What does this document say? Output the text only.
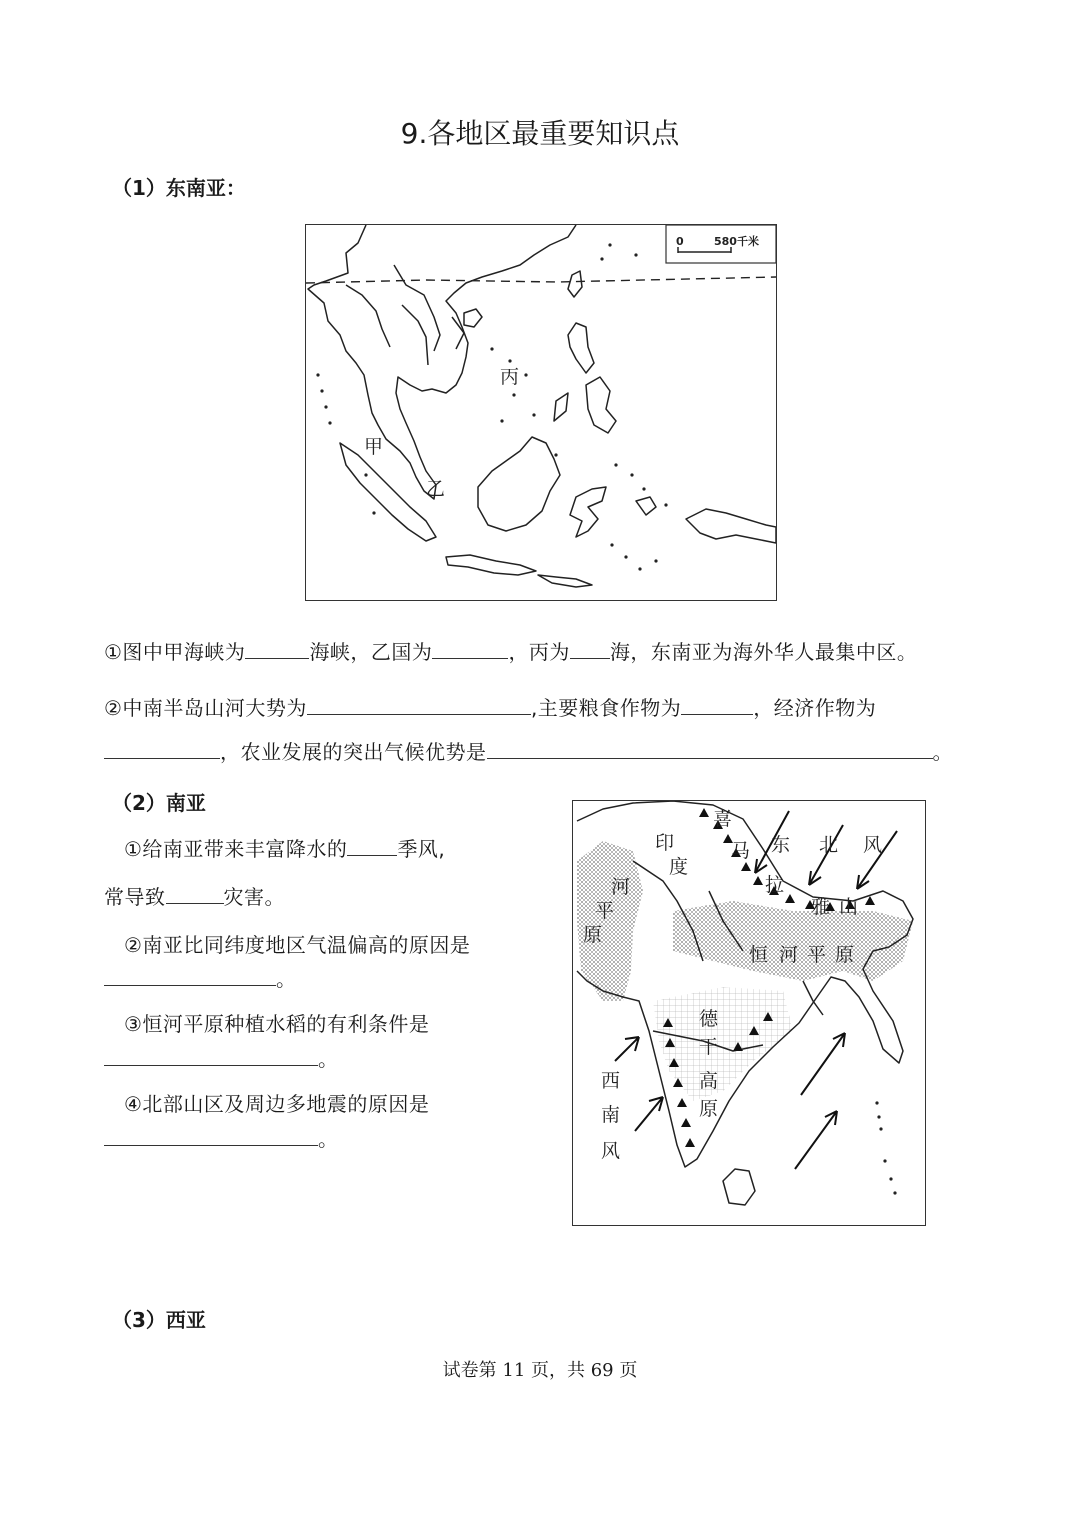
9.各地区最重要知识点
（1）东南亚：
0	580千米
丙
甲
乙
①图中甲海峡为	海峡，乙国为	，丙为 海，东南亚为海外华人最集中区。
②中南半岛山河大势为	,主要粮食作物为	，经济作物为
，农业发展的突出气候优势是	。
（2）南亚
①给南亚带来丰富降水的	季风,
常导致	灾害。
②南亚比同纬度地区气温偏高的原因是
。
③恒河平原种植水稻的有利条件是
。
④北部山区及周边多地震的原因是
。
喜
马
拉
雅 山
印
度
河
平
原
东 北 风
恒 河 平 原
德
干
高
原
西
南
风
（3）西亚
试卷第 11 页，共 69 页
